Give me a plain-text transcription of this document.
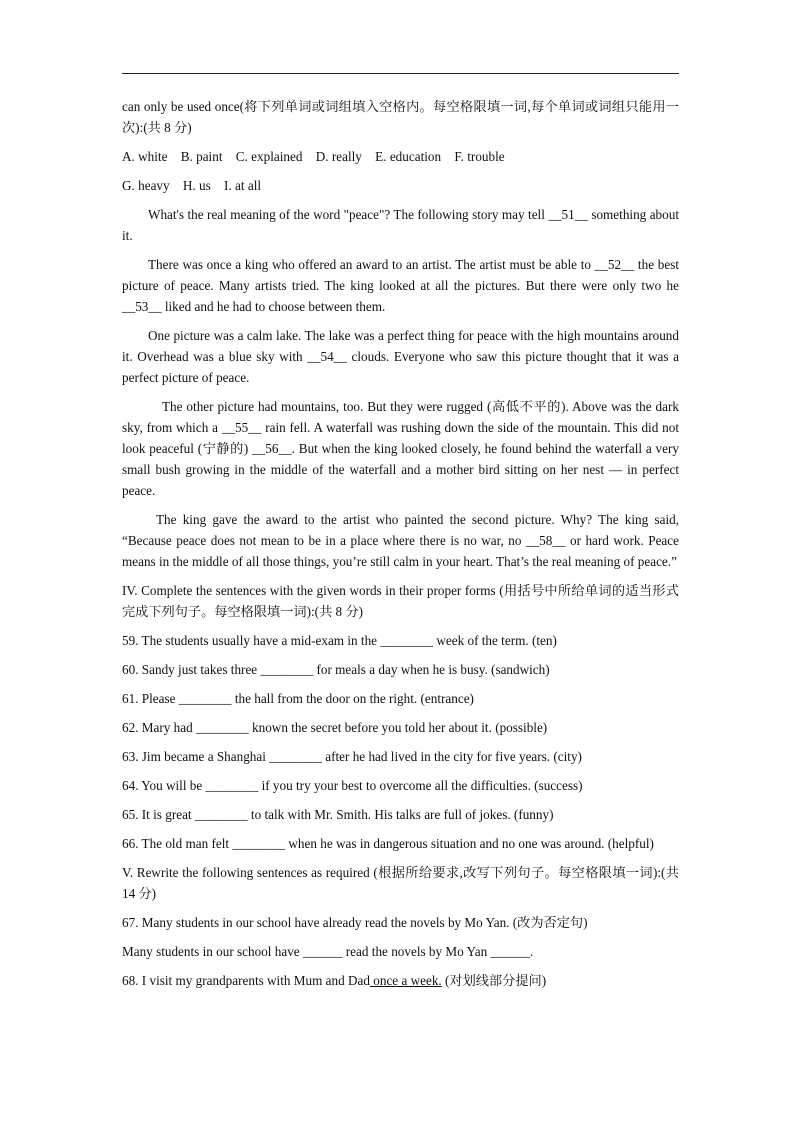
can only be used once(将下列单词或词组填入空格内。每空格限填一词,每个单词或词组只能用一次):(共 8 分)

A. white B. paint C. explained D. really E. education F. trouble

G. heavy H. us I. at all

What's the real meaning of the word "peace"? The following story may tell __51__ something about it.

There was once a king who offered an award to an artist. The artist must be able to __52__ the best picture of peace. Many artists tried. The king looked at all the pictures. But there were only two he __53__ liked and he had to choose between them.

One picture was a calm lake. The lake was a perfect thing for peace with the high mountains around it. Overhead was a blue sky with __54__ clouds. Everyone who saw this picture thought that it was a perfect picture of peace.

The other picture had mountains, too. But they were rugged (高低不平的). Above was the dark sky, from which a __55__ rain fell. A waterfall was rushing down the side of the mountain. This did not look peaceful (宁静的) __56__. But when the king looked closely, he found behind the waterfall a very small bush growing in the middle of the waterfall and a mother bird sitting on her nest — in perfect peace.

The king gave the award to the artist who painted the second picture. Why? The king said, “Because peace does not mean to be in a place where there is no war, no __58__ or hard work. Peace means in the middle of all those things, you’re still calm in your heart. That’s the real meaning of peace.”

IV. Complete the sentences with the given words in their proper forms (用括号中所给单词的适当形式完成下列句子。每空格限填一词):(共 8 分)

59. The students usually have a mid-exam in the ________ week of the term. (ten)

60. Sandy just takes three ________ for meals a day when he is busy. (sandwich)

61. Please ________ the hall from the door on the right. (entrance)

62. Mary had ________ known the secret before you told her about it. (possible)

63. Jim became a Shanghai ________ after he had lived in the city for five years. (city)

64. You will be ________ if you try your best to overcome all the difficulties. (success)

65. It is great ________ to talk with Mr. Smith. His talks are full of jokes. (funny)

66. The old man felt ________ when he was in dangerous situation and no one was around. (helpful)

V. Rewrite the following sentences as required (根据所给要求,改写下列句子。每空格限填一词):(共 14 分)

67. Many students in our school have already read the novels by Mo Yan. (改为否定句)

Many students in our school have ______ read the novels by Mo Yan ______.

68. I visit my grandparents with Mum and Dad once a week. (对划线部分提问)
